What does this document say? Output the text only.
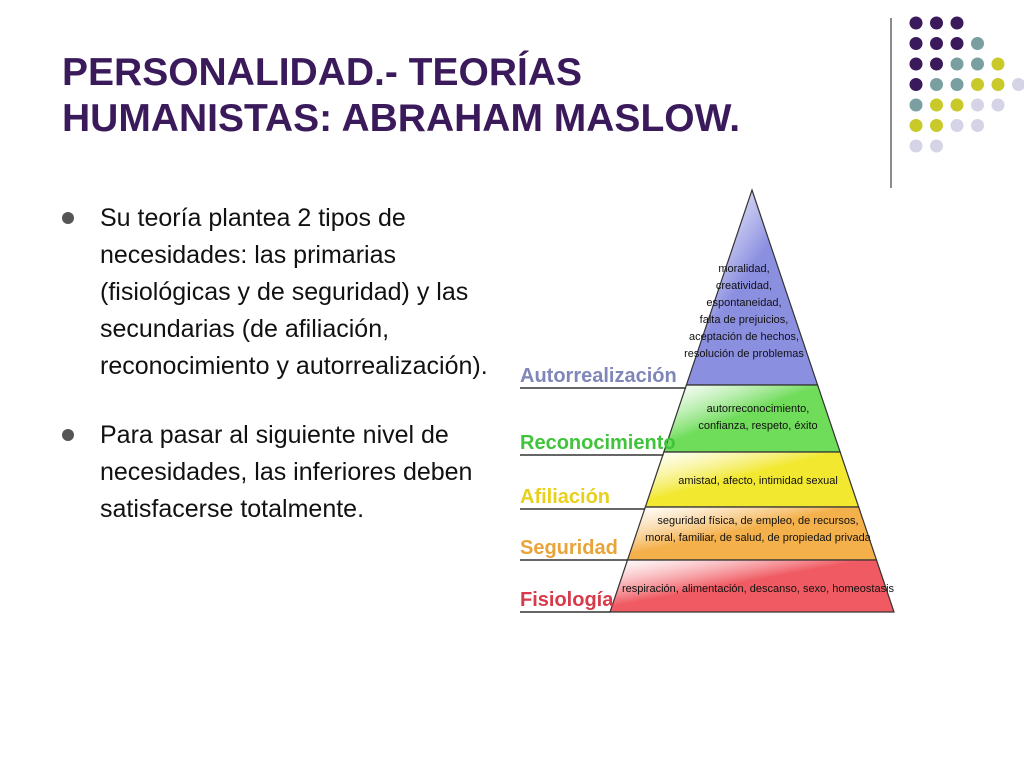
PERSONALIDAD.- TEORÍAS
HUMANISTAS: ABRAHAM MASLOW.
Su teoría plantea 2 tipos de necesidades: las primarias (fisiológicas y de seguridad) y las secundarias (de afiliación, reconocimiento y autorrealización).
Para pasar al siguiente nivel de necesidades, las inferiores deben satisfacerse totalmente.
moralidad,
creatividad,
espontaneidad,
falta de prejuicios,
aceptación de hechos,
resolución de problemas
Autorrealización
autorreconocimiento,
confianza, respeto, éxito
Reconocimiento
amistad, afecto, intimidad sexual
Afiliación
seguridad física, de empleo, de recursos,
moral, familiar, de salud, de propiedad privada
Seguridad
respiración, alimentación, descanso, sexo, homeostasis
Fisiología
